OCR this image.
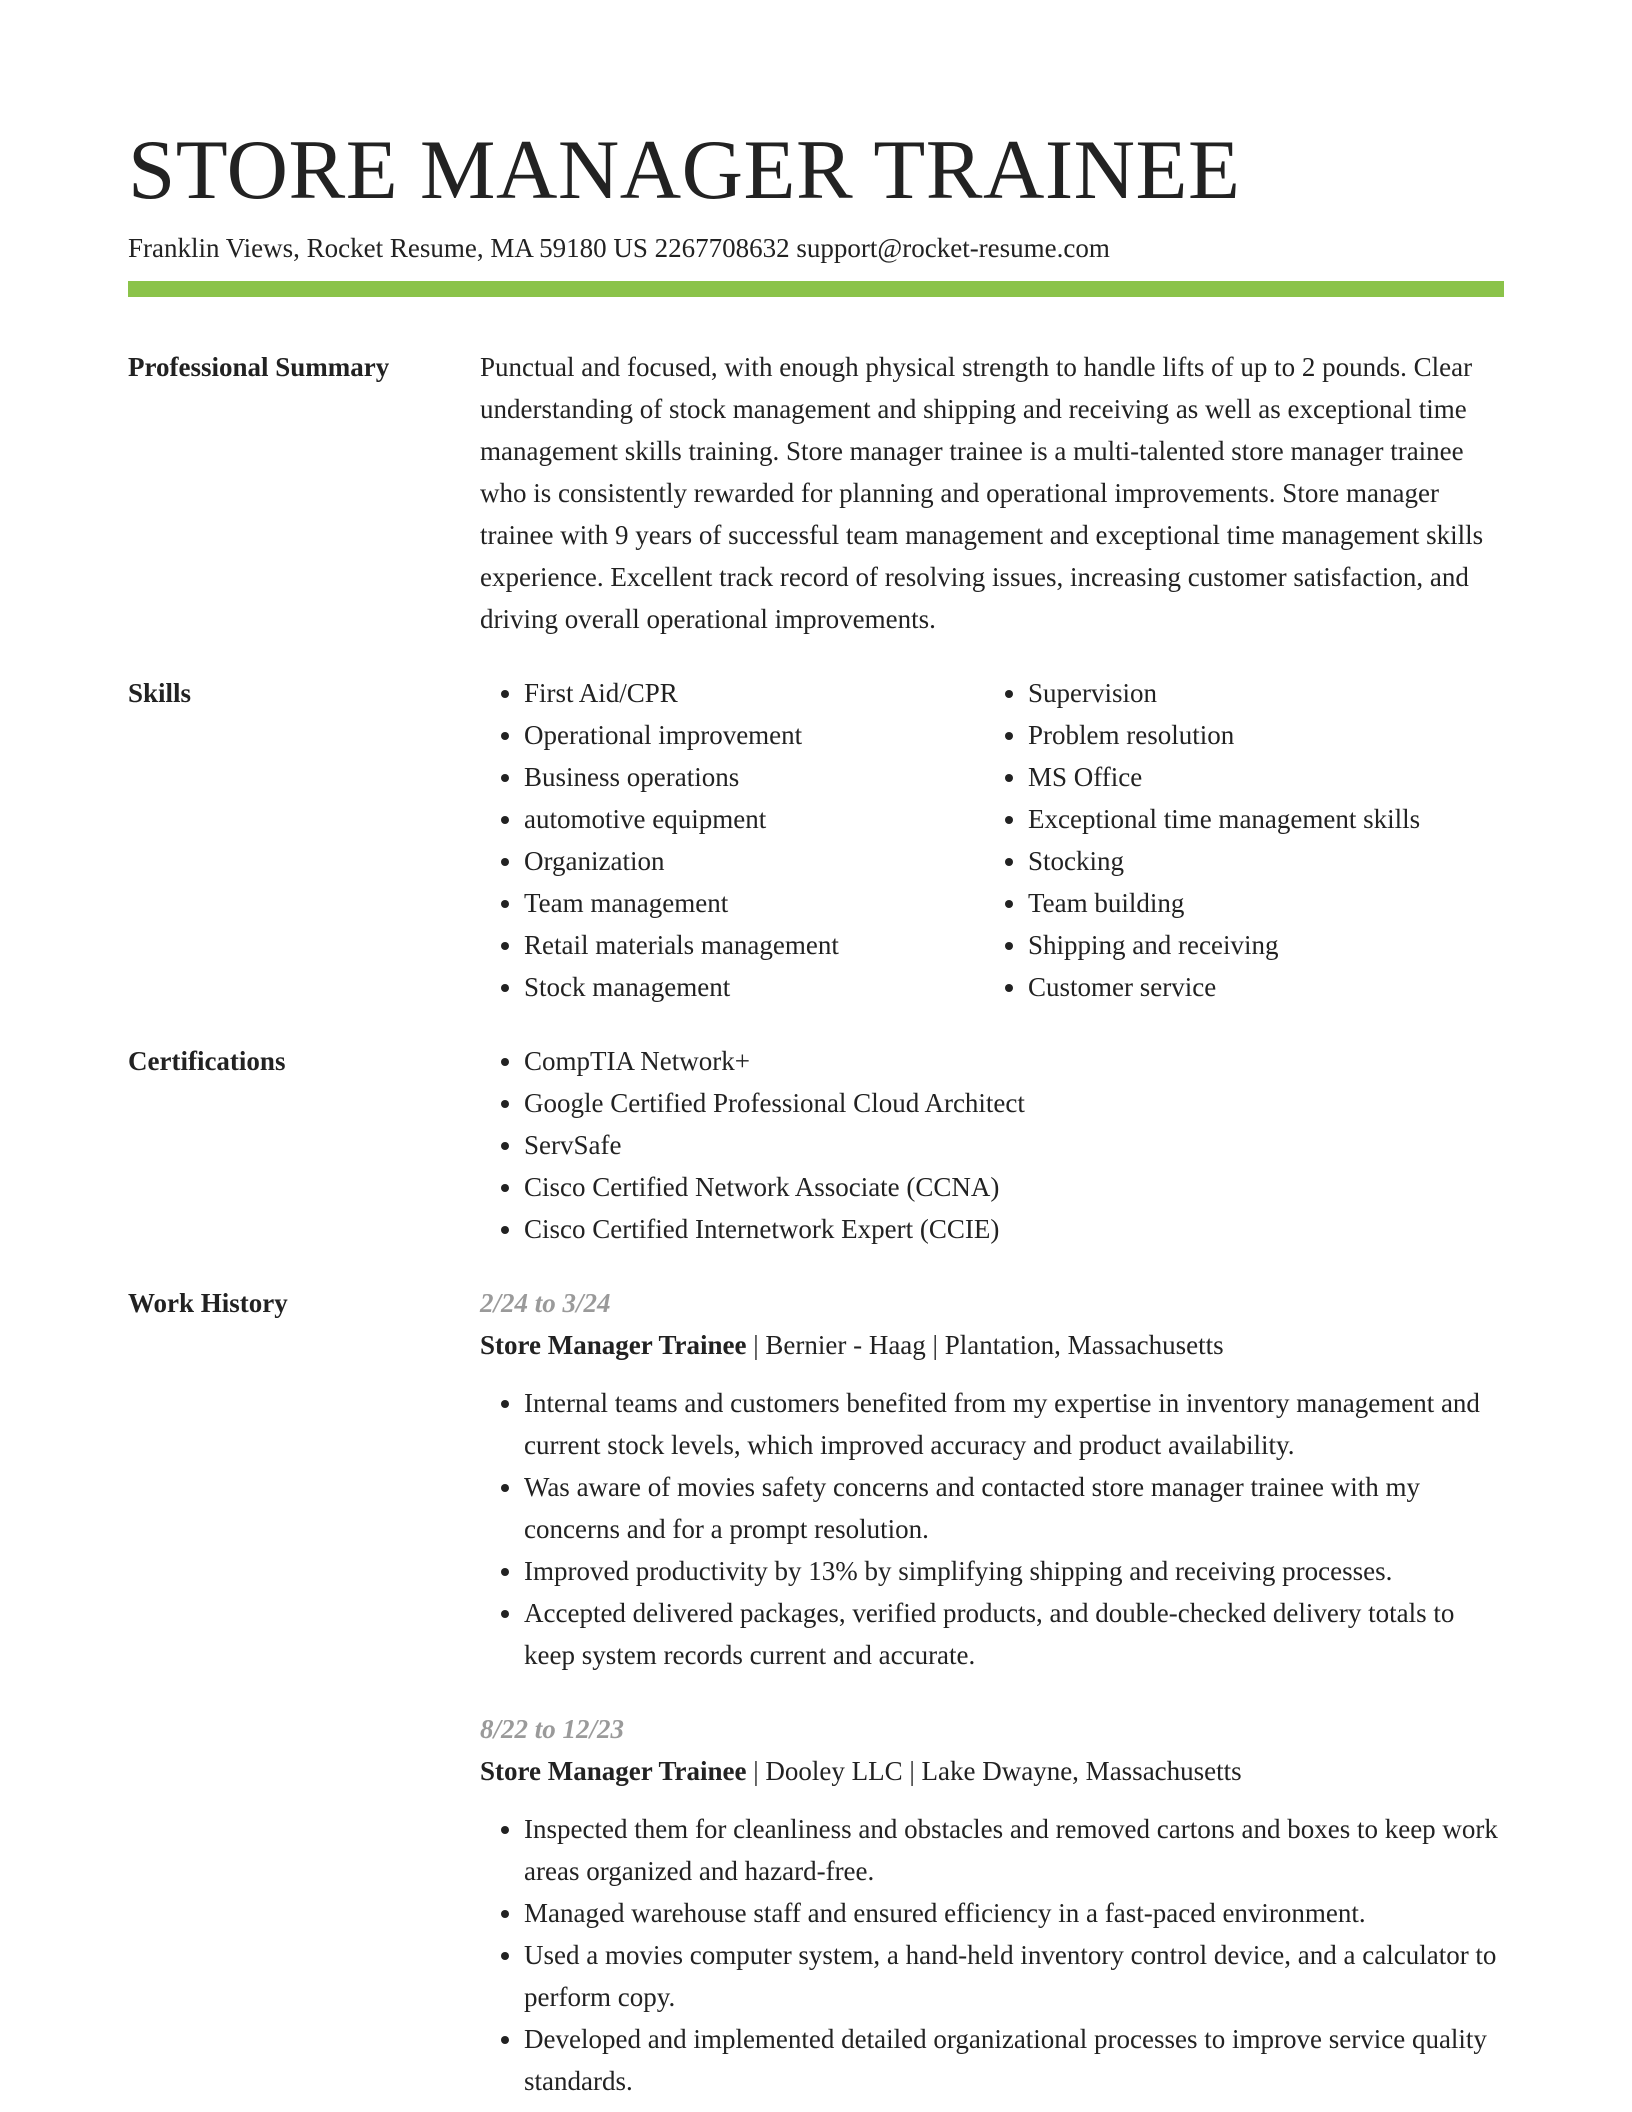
STORE MANAGER TRAINEE
Franklin Views, Rocket Resume, MA 59180 US 2267708632 support@rocket-resume.com
Professional Summary	Punctual and focused, with enough physical strength to handle lifts of up to 2 pounds. Clear understanding of stock management and shipping and receiving as well as exceptional time management skills training. Store manager trainee is a multi-talented store manager trainee who is consistently rewarded for planning and operational improvements. Store manager trainee with 9 years of successful team management and exceptional time management skills experience. Excellent track record of resolving issues, increasing customer satisfaction, and driving overall operational improvements.

Skills	• First Aid/CPR
• Operational improvement
• Business operations
• automotive equipment
• Organization
• Team management
• Retail materials management
• Stock management
• Supervision
• Problem resolution
• MS Office
• Exceptional time management skills
• Stocking
• Team building
• Shipping and receiving
• Customer service
Certifications	• CompTIA Network+
• Google Certified Professional Cloud Architect
• ServSafe
• Cisco Certified Network Associate (CCNA)
• Cisco Certified Internetwork Expert (CCIE)
Work History	2/24 to 3/24
Store Manager Trainee | Bernier - Haag | Plantation, Massachusetts
• Internal teams and customers benefited from my expertise in inventory management and current stock levels, which improved accuracy and product availability.
• Was aware of movies safety concerns and contacted store manager trainee with my concerns and for a prompt resolution.
• Improved productivity by 13% by simplifying shipping and receiving processes.
• Accepted delivered packages, verified products, and double-checked delivery totals to keep system records current and accurate.
8/22 to 12/23
Store Manager Trainee | Dooley LLC | Lake Dwayne, Massachusetts
• Inspected them for cleanliness and obstacles and removed cartons and boxes to keep work areas organized and hazard-free.
• Managed warehouse staff and ensured efficiency in a fast-paced environment.
• Used a movies computer system, a hand-held inventory control device, and a calculator to perform copy.
• Developed and implemented detailed organizational processes to improve service quality standards.
